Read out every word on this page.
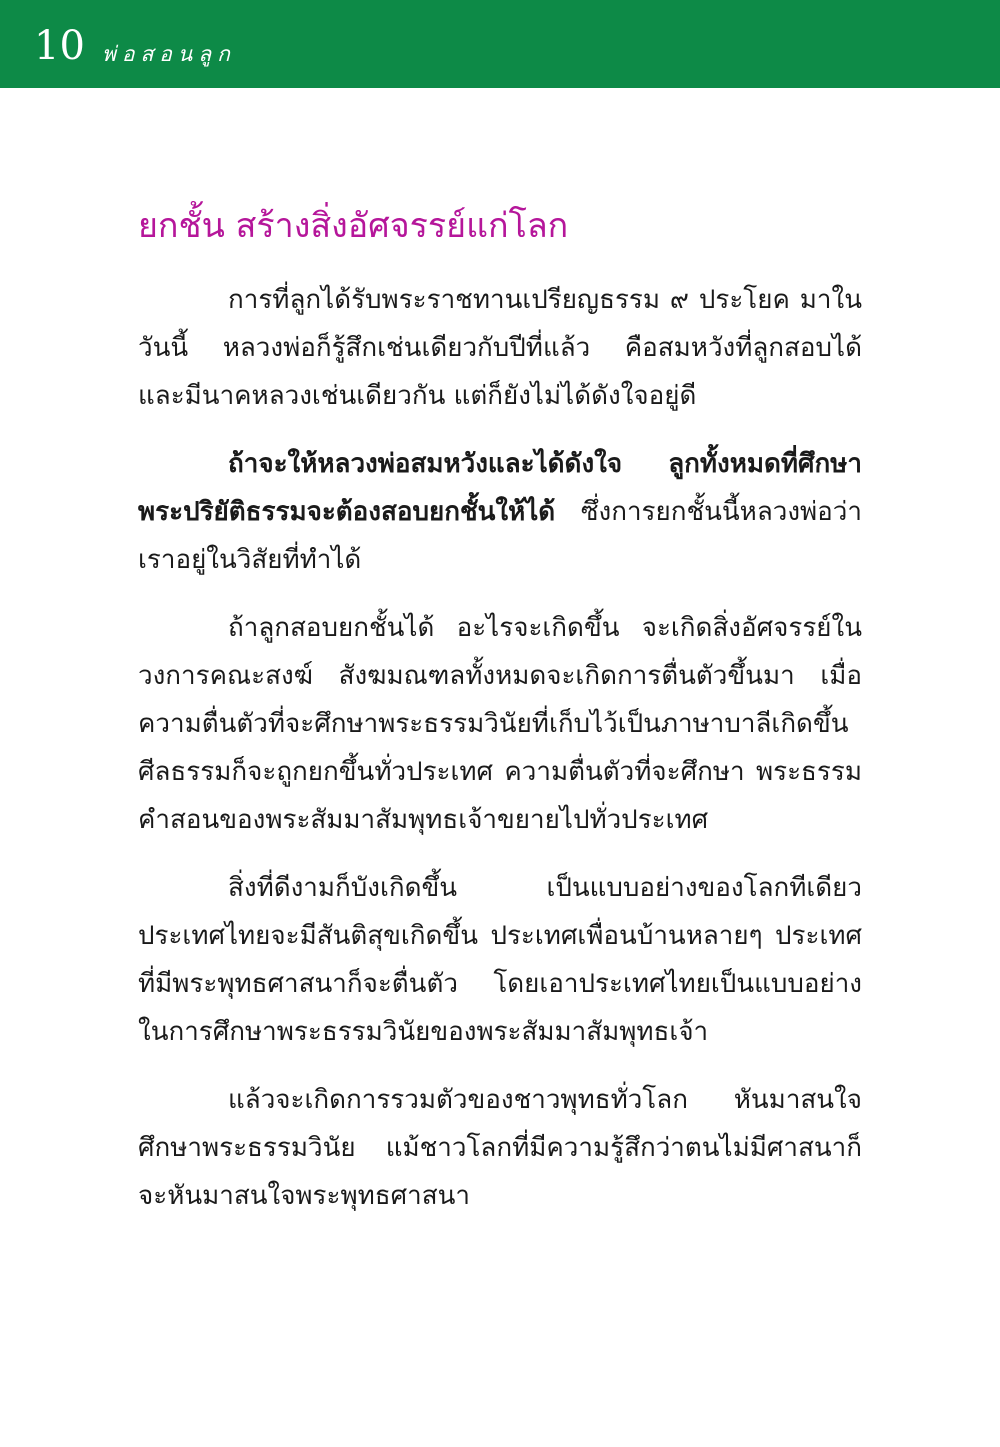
10 พ่อสอนลูก
ยกชั้น สร้างสิ่งอัศจรรย์แก่โลก

การที่ลูกได้รับพระราชทานเปรียญธรรม ๙ ประโยค มาในวันนี้ หลวงพ่อก็รู้สึกเช่นเดียวกับปีที่แล้ว คือสมหวังที่ลูกสอบได้ และมีนาคหลวงเช่นเดียวกัน แต่ก็ยังไม่ได้ดังใจอยู่ดี

ถ้าจะให้หลวงพ่อสมหวังและได้ดังใจ ลูกทั้งหมดที่ศึกษาพระปริยัติธรรมจะต้องสอบยกชั้นให้ได้ ซึ่งการยกชั้นนี้หลวงพ่อว่าเราอยู่ในวิสัยที่ทำได้

ถ้าลูกสอบยกชั้นได้ อะไรจะเกิดขึ้น จะเกิดสิ่งอัศจรรย์ในวงการคณะสงฆ์ สังฆมณฑลทั้งหมดจะเกิดการตื่นตัวขึ้นมา เมื่อความตื่นตัวที่จะศึกษาพระธรรมวินัยที่เก็บไว้เป็นภาษาบาลีเกิดขึ้น ศีลธรรมก็จะถูกยกขึ้นทั่วประเทศ ความตื่นตัวที่จะศึกษา พระธรรมคำสอนของพระสัมมาสัมพุทธเจ้าขยายไปทั่วประเทศ

สิ่งที่ดีงามก็บังเกิดขึ้น เป็นแบบอย่างของโลกทีเดียว ประเทศไทยจะมีสันติสุขเกิดขึ้น ประเทศเพื่อนบ้านหลายๆ ประเทศที่มีพระพุทธศาสนาก็จะตื่นตัว โดยเอาประเทศไทยเป็นแบบอย่างในการศึกษาพระธรรมวินัยของพระสัมมาสัมพุทธเจ้า

แล้วจะเกิดการรวมตัวของชาวพุทธทั่วโลก หันมาสนใจศึกษาพระธรรมวินัย แม้ชาวโลกที่มีความรู้สึกว่าตนไม่มีศาสนาก็จะหันมาสนใจพระพุทธศาสนา
